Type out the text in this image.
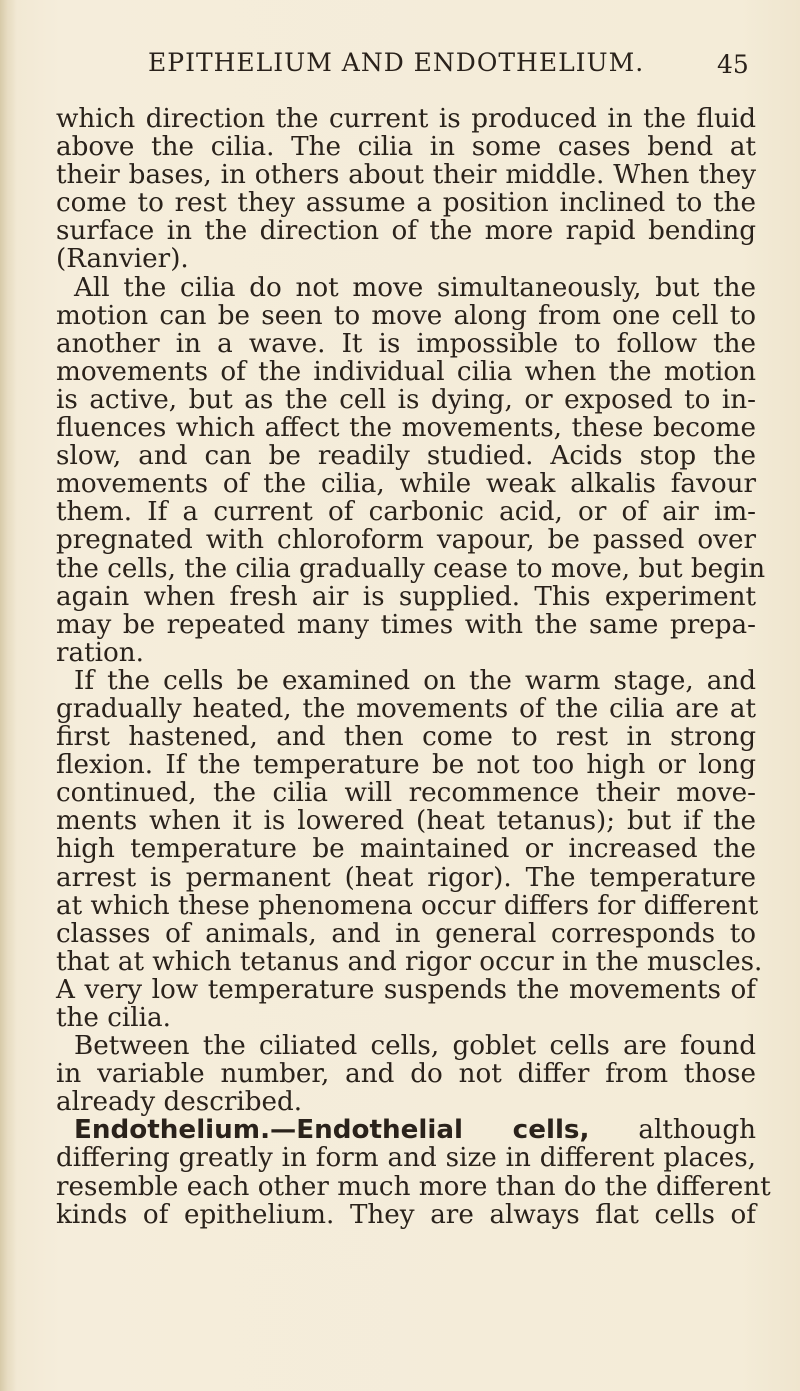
EPITHELIUM AND ENDOTHELIUM.	45
which direction the current is produced in the fluid
above the cilia. The cilia in some cases bend at
their bases, in others about their middle. When they
come to rest they assume a position inclined to the
surface in the direction of the more rapid bending
(Ranvier).
All the cilia do not move simultaneously, but the
motion can be seen to move along from one cell to
another in a wave. It is impossible to follow the
movements of the individual cilia when the motion
is active, but as the cell is dying, or exposed to in-
fluences which affect the movements, these become
slow, and can be readily studied. Acids stop the
movements of the cilia, while weak alkalis favour
them. If a current of carbonic acid, or of air im-
pregnated with chloroform vapour, be passed over
the cells, the cilia gradually cease to move, but begin
again when fresh air is supplied. This experiment
may be repeated many times with the same prepa-
ration.
If the cells be examined on the warm stage, and
gradually heated, the movements of the cilia are at
first hastened, and then come to rest in strong
flexion. If the temperature be not too high or long
continued, the cilia will recommence their move-
ments when it is lowered (heat tetanus); but if the
high temperature be maintained or increased the
arrest is permanent (heat rigor). The temperature
at which these phenomena occur differs for different
classes of animals, and in general corresponds to
that at which tetanus and rigor occur in the muscles.
A very low temperature suspends the movements of
the cilia.
Between the ciliated cells, goblet cells are found
in variable number, and do not differ from those
already described.
Endothelium.—Endothelial cells, although
differing greatly in form and size in different places,
resemble each other much more than do the different
kinds of epithelium. They are always flat cells of
